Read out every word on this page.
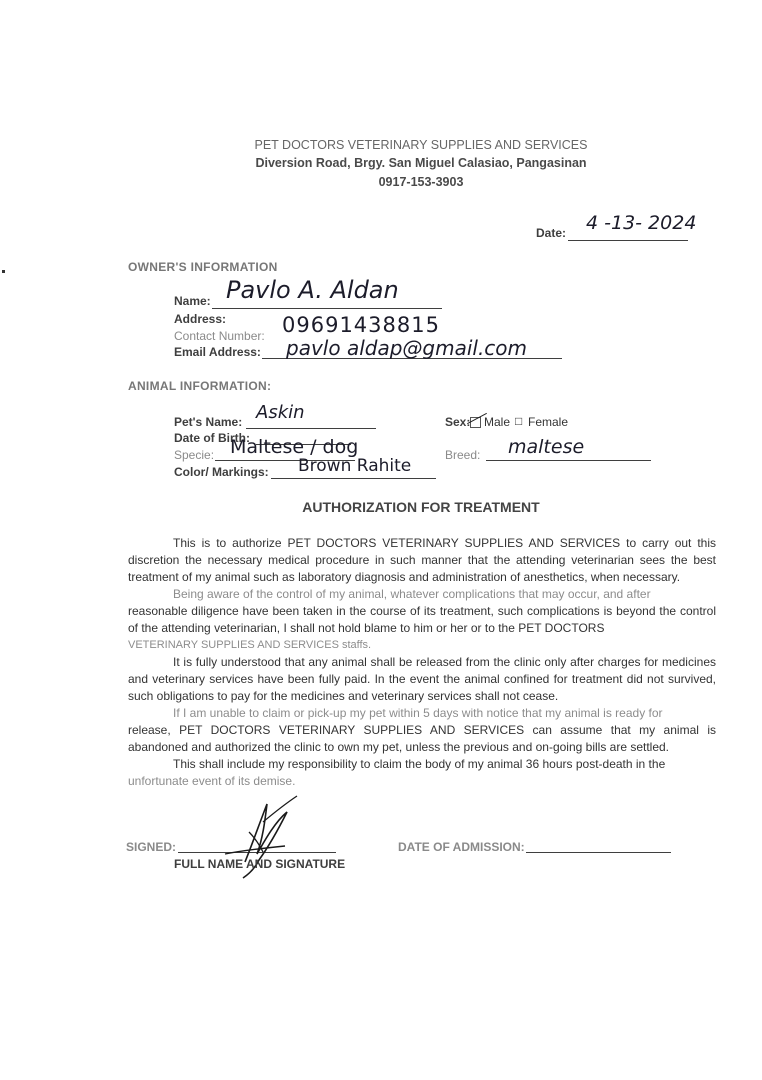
PET DOCTORS VETERINARY SUPPLIES AND SERVICES
Diversion Road, Brgy. San Miguel Calasiao, Pangasinan
0917-153-3903
Date: 4 -13- 2024
OWNER'S INFORMATION
Name: Pavlo A. Aldan
Address:
Contact Number: 09691438815
Email Address: pavlo aldap@gmail.com
ANIMAL INFORMATION:
Pet's Name: Askin	Sex: Male □ Female
Date of Birth:
Specie: Maltese / dog	Breed: maltese
Color/ Markings: Brown Rahite
AUTHORIZATION FOR TREATMENT
This is to authorize PET DOCTORS VETERINARY SUPPLIES AND SERVICES to carry out this discretion the necessary medical procedure in such manner that the attending veterinarian sees the best treatment of my animal such as laboratory diagnosis and administration of anesthetics, when necessary.
Being aware of the control of my animal, whatever complications that may occur, and after
reasonable diligence have been taken in the course of its treatment, such complications is beyond the control of the attending veterinarian, I shall not hold blame to him or her or to the PET DOCTORS
VETERINARY SUPPLIES AND SERVICES staffs.
It is fully understood that any animal shall be released from the clinic only after charges for medicines and veterinary services have been fully paid. In the event the animal confined for treatment did not survived, such obligations to pay for the medicines and veterinary services shall not cease.
If I am unable to claim or pick-up my pet within 5 days with notice that my animal is ready for
release, PET DOCTORS VETERINARY SUPPLIES AND SERVICES can assume that my animal is abandoned and authorized the clinic to own my pet, unless the previous and on-going bills are settled.
This shall include my responsibility to claim the body of my animal 36 hours post-death in the
unfortunate event of its demise.
SIGNED:
FULL NAME AND SIGNATURE
DATE OF ADMISSION:
